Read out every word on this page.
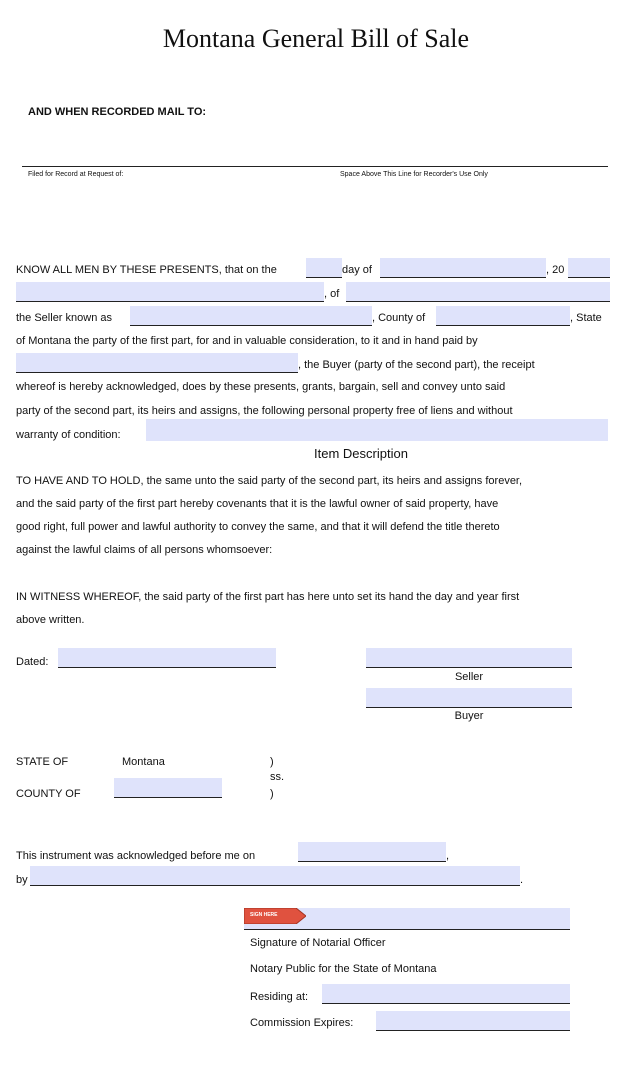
Montana General Bill of Sale
AND WHEN RECORDED MAIL TO:
Filed for Record at Request of:	Space Above This Line for Recorder's Use Only
KNOW ALL MEN BY THESE PRESENTS, that on the	day of	, 20
, of
the Seller known as	, County of	, State
of Montana the party of the first part, for and in valuable consideration, to it and in hand paid by
, the Buyer (party of the second part), the receipt
whereof is hereby acknowledged, does by these presents, grants, bargain, sell and convey unto said
party of the second part, its heirs and assigns, the following personal property free of liens and without
warranty of condition:
Item Description
TO HAVE AND TO HOLD, the same unto the said party of the second part, its heirs and assigns forever,
and the said party of the first part hereby covenants that it is the lawful owner of said property, have
good right, full power and lawful authority to convey the same, and that it will defend the title thereto
against the lawful claims of all persons whomsoever:
IN WITNESS WHEREOF, the said party of the first part has here unto set its hand the day and year first
above written.
Dated:
Seller
Buyer
STATE OF	Montana	)
ss.
)
COUNTY OF
This instrument was acknowledged before me on	,
by	.
SIGN HERE
Signature of Notarial Officer
Notary Public for the State of Montana
Residing at:
Commission Expires:
